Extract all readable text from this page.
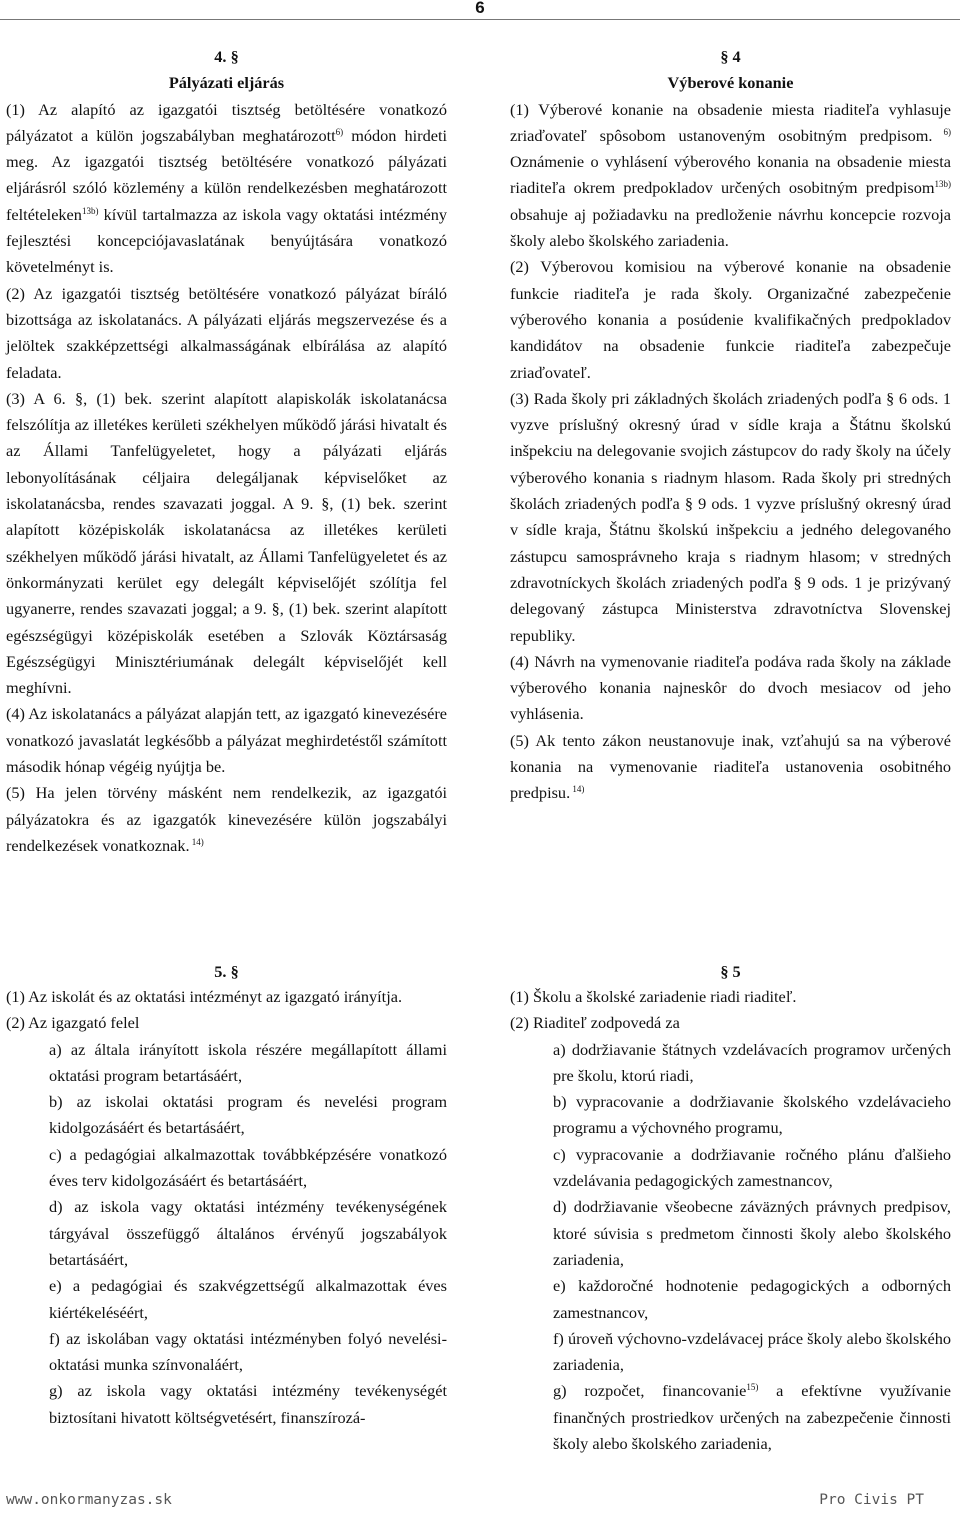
6
4. §
Pályázati eljárás

(1) Az alapító az igazgatói tisztség betöltésére vonatkozó pályázatot a külön jogszabályban meghatározott$^{6)}$ módon hirdeti meg. Az igazgatói tisztség betöltésére vonatkozó pályázati eljárásról szóló közlemény a külön rendelkezésben meghatározott feltételeken$^{13b)}$ kívül tartalmazza az iskola vagy oktatási intézmény fejlesztési koncepciójavaslatának benyújtására vonatkozó követelményt is.

(2) Az igazgatói tisztség betöltésére vonatkozó pályázat bíráló bizottsága az iskolatanács. A pályázati eljárás megszervezése és a jelöltek szakképzettségi alkalmasságának elbírálása az alapító feladata.

(3) A 6. §, (1) bek. szerint alapított alapiskolák iskolatanácsa felszólítja az illetékes kerületi székhelyen működő járási hivatalt és az Állami Tanfelügyeletet, hogy a pályázati eljárás lebonyolításának céljaira delegáljanak képviselőket az iskolatanácsba, rendes szavazati joggal. A 9. §, (1) bek. szerint alapított középiskolák iskolatanácsa az illetékes kerületi székhelyen működő járási hivatalt, az Állami Tanfelügyeletet és az önkormányzati kerület egy delegált képviselőjét szólítja fel ugyanerre, rendes szavazati joggal; a 9. §, (1) bek. szerint alapított egészségügyi középiskolák esetében a Szlovák Köztársaság Egészségügyi Minisztériumának delegált képviselőjét kell meghívni.

(4) Az iskolatanács a pályázat alapján tett, az igazgató kinevezésére vonatkozó javaslatát legkésőbb a pályázat meghirdetéstől számított második hónap végéig nyújtja be.

(5) Ha jelen törvény másként nem rendelkezik, az igazgatói pályázatokra és az igazgatók kinevezésére külön jogszabályi rendelkezések vonatkoznak. $^{14)}$

§ 4
Výberové konanie

(1) Výberové konanie na obsadenie miesta riaditeľa vyhlasuje zriaďovateľ spôsobom ustanoveným osobitným predpisom. $^{6)}$ Oznámenie o vyhlásení výberového konania na obsadenie miesta riaditeľa okrem predpokladov určených osobitným predpisom$^{13b)}$ obsahuje aj požiadavku na predloženie návrhu koncepcie rozvoja školy alebo školského zariadenia.

(2) Výberovou komisiou na výberové konanie na obsadenie funkcie riaditeľa je rada školy. Organizačné zabezpečenie výberového konania a posúdenie kvalifikačných predpokladov kandidátov na obsadenie funkcie riaditeľa zabezpečuje zriaďovateľ.

(3) Rada školy pri základných školách zriadených podľa § 6 ods. 1 vyzve príslušný okresný úrad v sídle kraja a Štátnu školskú inšpekciu na delegovanie svojich zástupcov do rady školy na účely výberového konania s riadnym hlasom. Rada školy pri stredných školách zriadených podľa § 9 ods. 1 vyzve príslušný okresný úrad v sídle kraja, Štátnu školskú inšpekciu a jedného delegovaného zástupcu samosprávneho kraja s riadnym hlasom; v stredných zdravotníckych školách zriadených podľa § 9 ods. 1 je prizývaný delegovaný zástupca Ministerstva zdravotníctva Slovenskej republiky.

(4) Návrh na vymenovanie riaditeľa podáva rada školy na základe výberového konania najneskôr do dvoch mesiacov od jeho vyhlásenia.

(5) Ak tento zákon neustanovuje inak, vzťahujú sa na výberové konania na vymenovanie riaditeľa ustanovenia osobitného predpisu. $^{14)}$

5. §

(1) Az iskolát és az oktatási intézményt az igazgató irányítja.

(2) Az igazgató felel

a) az általa irányított iskola részére megállapított állami oktatási program betartásáért,

b) az iskolai oktatási program és nevelési program kidolgozásáért és betartásáért,

c) a pedagógiai alkalmazottak továbbképzésére vonatkozó éves terv kidolgozásáért és betartásáért,

d) az iskola vagy oktatási intézmény tevékenységének tárgyával összefüggő általános érvényű jogszabályok betartásáért,

e) a pedagógiai és szakvégzettségű alkalmazottak éves kiértékeléséért,

f) az iskolában vagy oktatási intézményben folyó nevelési-oktatási munka színvonaláért,

g) az iskola vagy oktatási intézmény tevékenységét biztosítani hivatott költségvetésért, finanszírozá-

§ 5

(1) Školu a školské zariadenie riadi riaditeľ.

(2) Riaditeľ zodpovedá za

a) dodržiavanie štátnych vzdelávacích programov určených pre školu, ktorú riadi,

b) vypracovanie a dodržiavanie školského vzdelávacieho programu a výchovného programu,

c) vypracovanie a dodržiavanie ročného plánu ďalšieho vzdelávania pedagogických zamestnancov,

d) dodržiavanie všeobecne záväzných právnych predpisov, ktoré súvisia s predmetom činnosti školy alebo školského zariadenia,

e) každoročné hodnotenie pedagogických a odborných zamestnancov,

f) úroveň výchovno-vzdelávacej práce školy alebo školského zariadenia,

g) rozpočet, financovanie$^{15)}$ a efektívne využívanie finančných prostriedkov určených na zabezpečenie činnosti školy alebo školského zariadenia,

www.onkormanyzas.sk	Pro Civis PT
